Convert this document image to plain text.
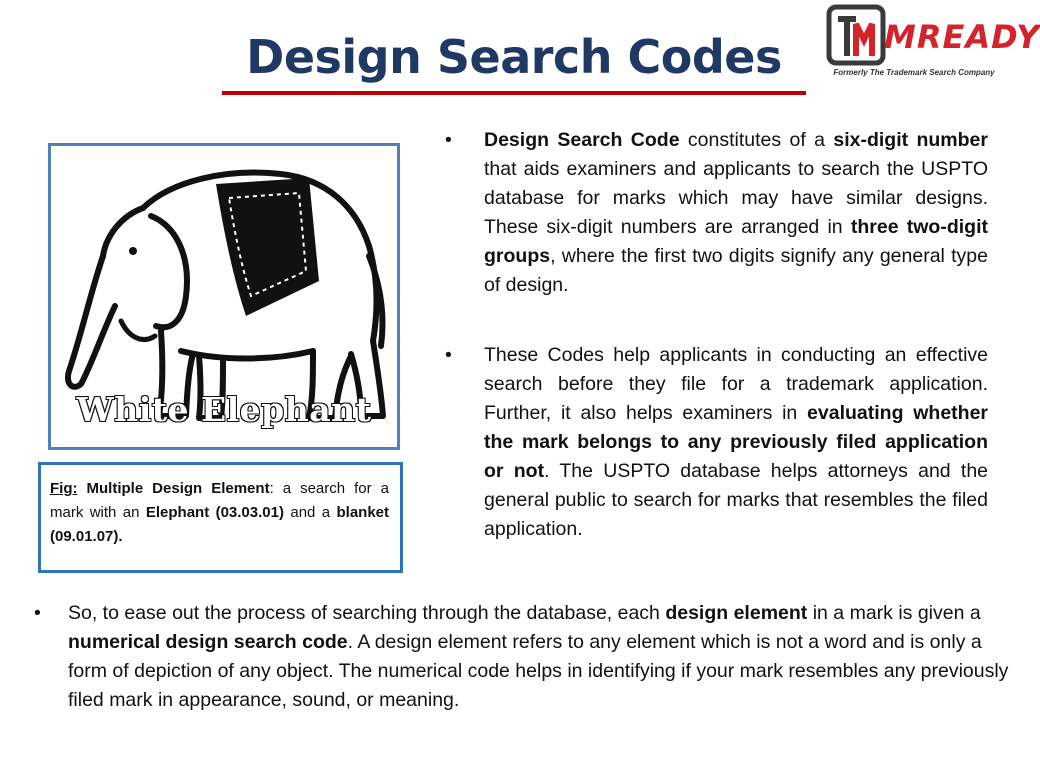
Design Search Codes	MREADY
Formerly The Trademark Search Company
White Elephant
Fig: Multiple Design Element: a search for a mark with an Elephant (03.03.01) and a blanket (09.01.07).
• Design Search Code constitutes of a six-digit number that aids examiners and applicants to search the USPTO database for marks which may have similar designs. These six-digit numbers are arranged in three two-digit groups, where the first two digits signify any general type of design.
• These Codes help applicants in conducting an effective search before they file for a trademark application. Further, it also helps examiners in evaluating whether the mark belongs to any previously filed application or not. The USPTO database helps attorneys and the general public to search for marks that resembles the filed application.
• So, to ease out the process of searching through the database, each design element in a mark is given a numerical design search code. A design element refers to any element which is not a word and is only a form of depiction of any object. The numerical code helps in identifying if your mark resembles any previously filed mark in appearance, sound, or meaning.
